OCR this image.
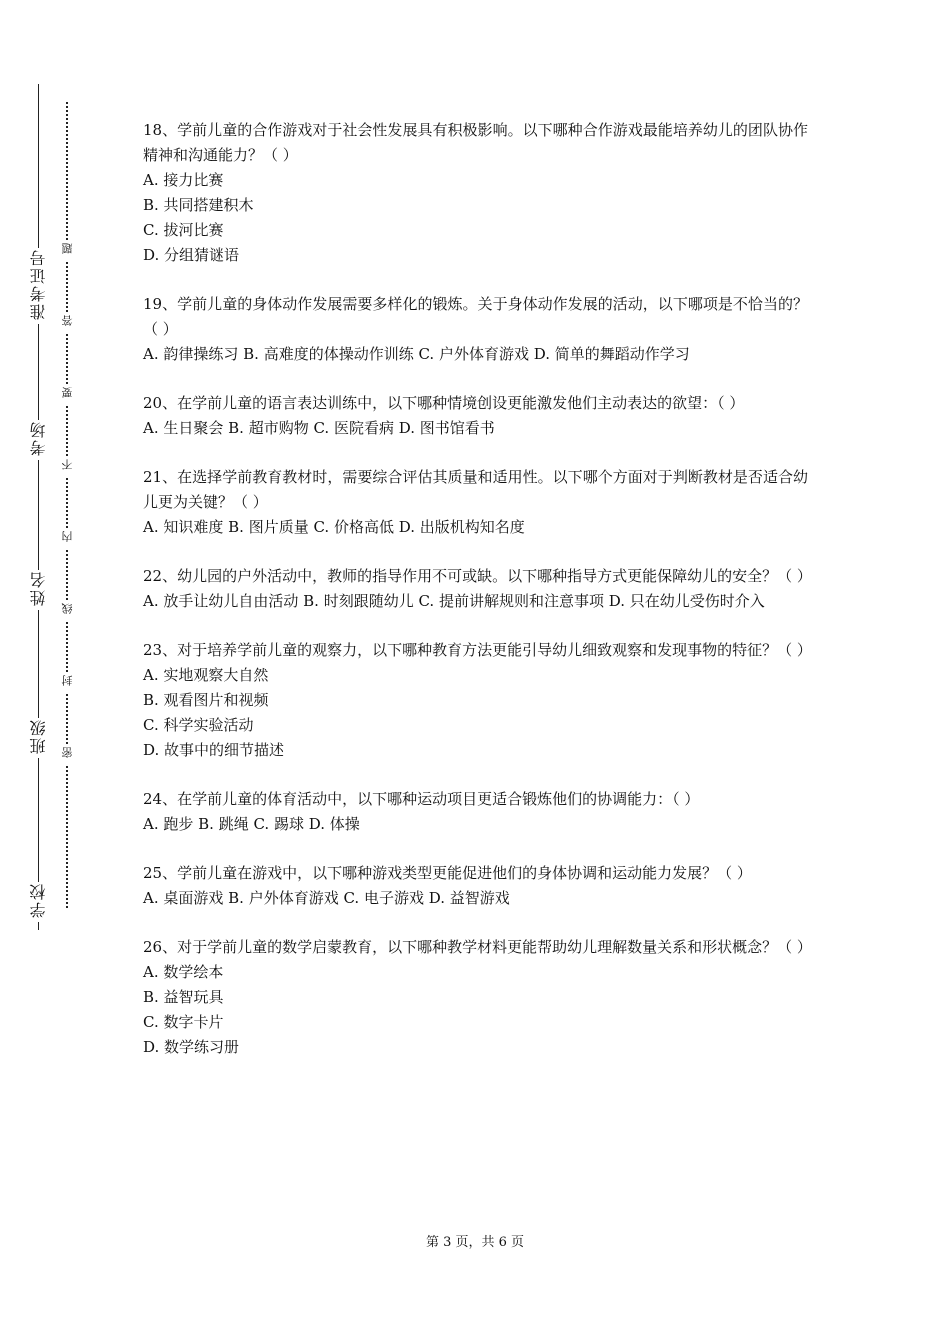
准考证号
考场
姓名
班级
学校
题
答
要
不
内
线
封
密

18、学前儿童的合作游戏对于社会性发展具有积极影响。以下哪种合作游戏最能培养幼儿的团队协作精神和沟通能力？（ ）

A. 接力比赛

B. 共同搭建积木

C. 拔河比赛

D. 分组猜谜语

19、学前儿童的身体动作发展需要多样化的锻炼。关于身体动作发展的活动，以下哪项是不恰当的？（ ）

A. 韵律操练习 B. 高难度的体操动作训练 C. 户外体育游戏 D. 简单的舞蹈动作学习

20、在学前儿童的语言表达训练中，以下哪种情境创设更能激发他们主动表达的欲望：（ ）

A. 生日聚会 B. 超市购物 C. 医院看病 D. 图书馆看书

21、在选择学前教育教材时，需要综合评估其质量和适用性。以下哪个方面对于判断教材是否适合幼儿更为关键？（ ）

A. 知识难度 B. 图片质量 C. 价格高低 D. 出版机构知名度

22、幼儿园的户外活动中，教师的指导作用不可或缺。以下哪种指导方式更能保障幼儿的安全？（ ）

A. 放手让幼儿自由活动 B. 时刻跟随幼儿 C. 提前讲解规则和注意事项 D. 只在幼儿受伤时介入

23、对于培养学前儿童的观察力，以下哪种教育方法更能引导幼儿细致观察和发现事物的特征？（ ）

A. 实地观察大自然

B. 观看图片和视频

C. 科学实验活动

D. 故事中的细节描述

24、在学前儿童的体育活动中，以下哪种运动项目更适合锻炼他们的协调能力：（ ）

A. 跑步 B. 跳绳 C. 踢球 D. 体操

25、学前儿童在游戏中，以下哪种游戏类型更能促进他们的身体协调和运动能力发展？（ ）

A. 桌面游戏 B. 户外体育游戏 C. 电子游戏 D. 益智游戏

26、对于学前儿童的数学启蒙教育，以下哪种教学材料更能帮助幼儿理解数量关系和形状概念？（ ）

A. 数学绘本

B. 益智玩具

C. 数字卡片

D. 数学练习册

第 3 页，共 6 页
